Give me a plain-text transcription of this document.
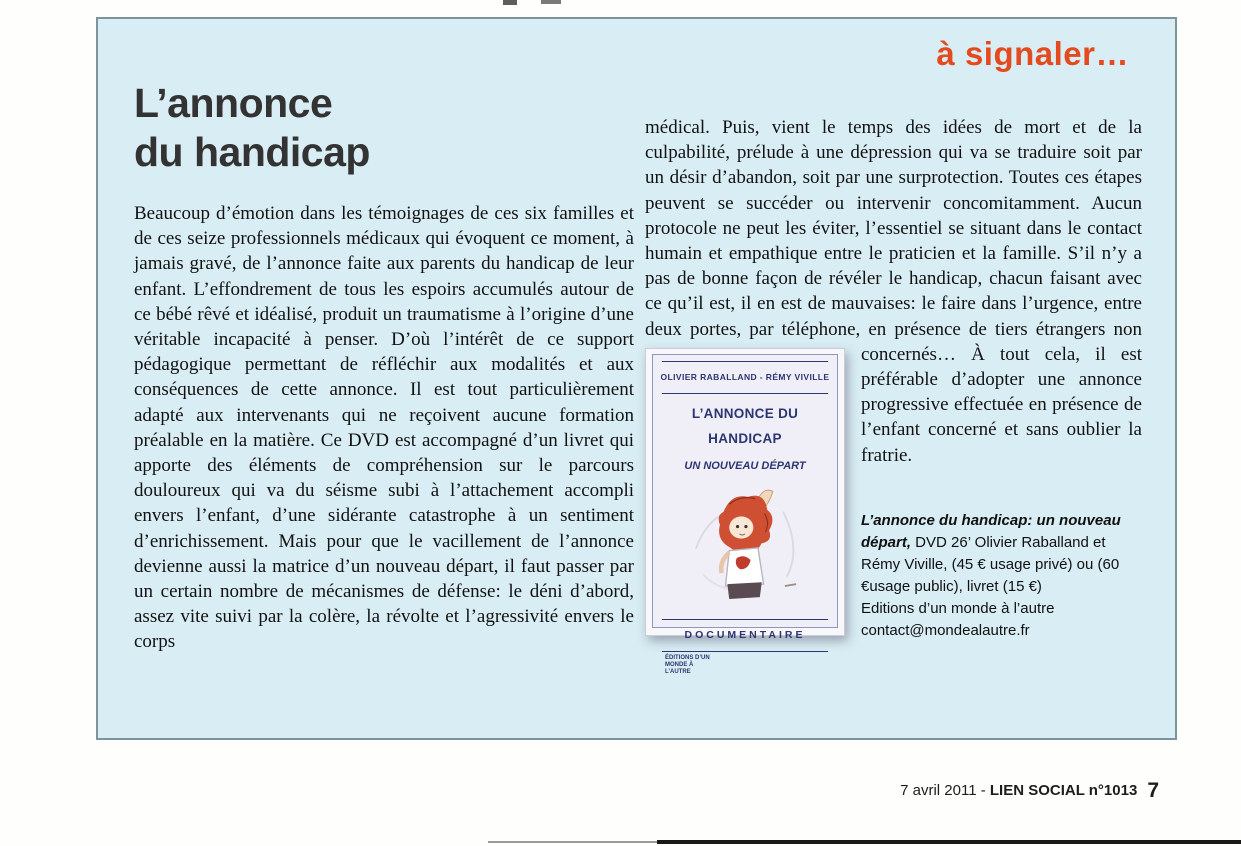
à signaler…
L’annonce
du handicap
Beaucoup d’émotion dans les témoignages de ces six familles et de ces seize professionnels médicaux qui évoquent ce moment, à jamais gravé, de l’annonce faite aux parents du handicap de leur enfant. L’effondrement de tous les espoirs accumulés autour de ce bébé rêvé et idéalisé, produit un traumatisme à l’origine d’une véritable incapacité à penser. D’où l’intérêt de ce support pédagogique permettant de réfléchir aux modalités et aux conséquences de cette annonce. Il est tout particulièrement adapté aux intervenants qui ne reçoivent aucune formation préalable en la matière. Ce DVD est accompagné d’un livret qui apporte des éléments de compréhension sur le parcours douloureux qui va du séisme subi à l’attachement accompli envers l’enfant, d’une sidérante catastrophe à un sentiment d’enrichissement. Mais pour que le vacillement de l’annonce devienne aussi la matrice d’un nouveau départ, il faut passer par un certain nombre de mécanismes de défense: le déni d’abord, assez vite suivi par la colère, la révolte et l’agressivité envers le corps
médical. Puis, vient le temps des idées de mort et de la culpabilité, prélude à une dépression qui va se traduire soit par un désir d’abandon, soit par une surprotection. Toutes ces étapes peuvent se succéder ou intervenir concomitamment. Aucun protocole ne peut les éviter, l’essentiel se situant dans le contact humain et empathique entre le praticien et la famille. S’il n’y a pas de bonne façon de révéler le handicap, chacun faisant avec ce qu’il est, il en est de mauvaises: le faire dans l’urgence, entre deux portes, par téléphone, en présence de tiers étrangers non concernés… À tout
OLIVIER RABALLAND - RÉMY VIVILLE
L’ANNONCE DU HANDICAP
UN NOUVEAU DÉPART
DOCUMENTAIRE
ÉDITIONS D’UN MONDE À L’AUTRE
cela, il est préférable d’adopter une annonce progressive effectuée en présence de l’enfant concerné et sans oublier la fratrie.
L’annonce du handicap: un nouveau départ, DVD 26’ Olivier Raballand et Rémy Viville, (45 € usage privé) ou (60 €usage public), livret (15 €)
Editions d’un monde à l’autre
contact@mondealautre.fr
7 avril 2011 - LIEN SOCIAL n°1013 7
